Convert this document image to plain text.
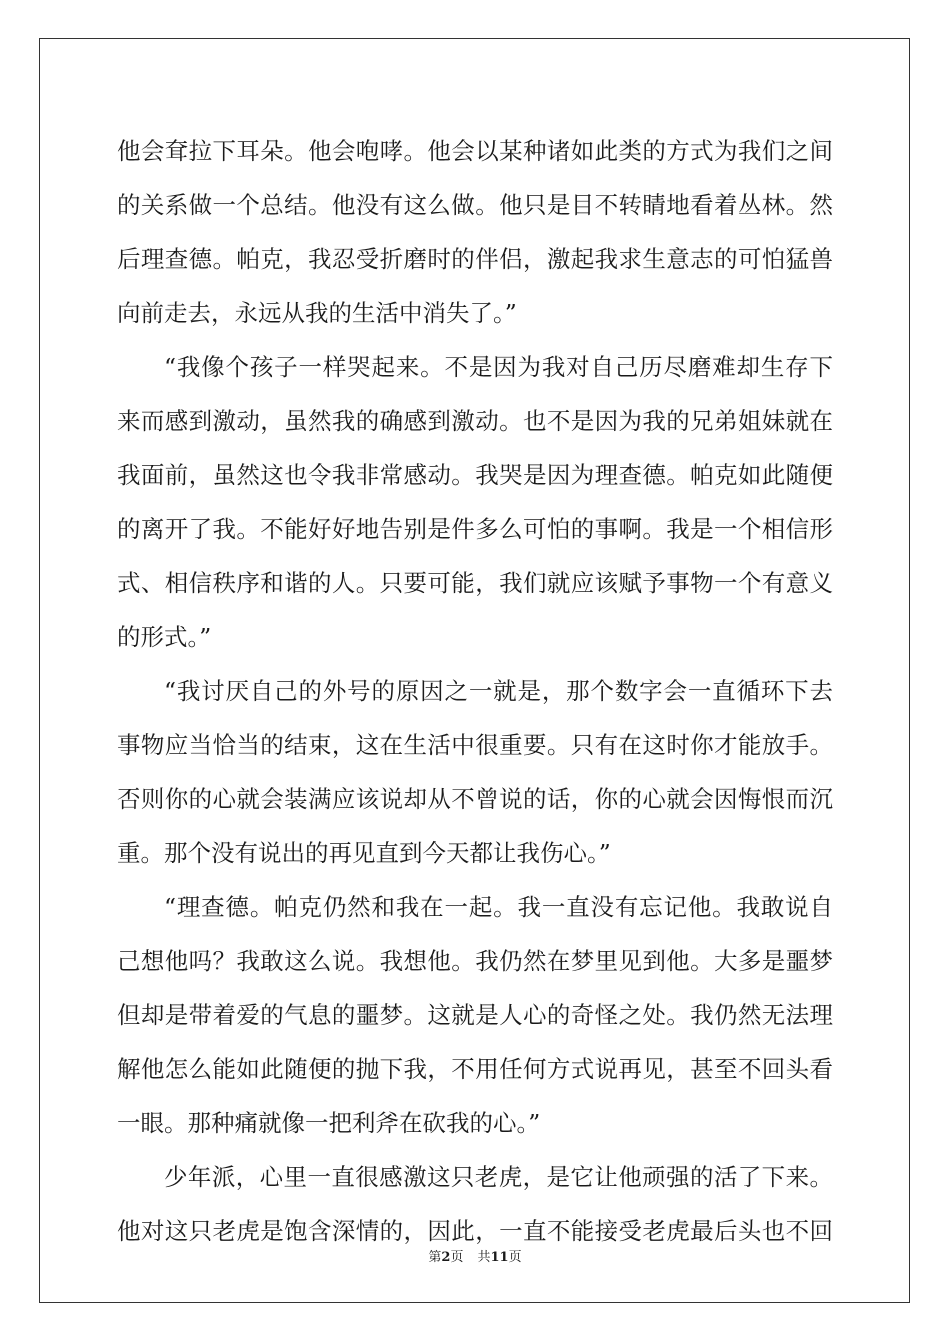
他会耷拉下耳朵。他会咆哮。他会以某种诸如此类的方式为我们之间
的关系做一个总结。他没有这么做。他只是目不转睛地看着丛林。然
后理查德。帕克，我忍受折磨时的伴侣，激起我求生意志的可怕猛兽
向前走去，永远从我的生活中消失了。”
“我像个孩子一样哭起来。不是因为我对自己历尽磨难却生存下
来而感到激动，虽然我的确感到激动。也不是因为我的兄弟姐妹就在
我面前，虽然这也令我非常感动。我哭是因为理查德。帕克如此随便
的离开了我。不能好好地告别是件多么可怕的事啊。我是一个相信形
式、相信秩序和谐的人。只要可能，我们就应该赋予事物一个有意义
的形式。”
“我讨厌自己的外号的原因之一就是，那个数字会一直循环下去
事物应当恰当的结束，这在生活中很重要。只有在这时你才能放手。
否则你的心就会装满应该说却从不曾说的话，你的心就会因悔恨而沉
重。那个没有说出的再见直到今天都让我伤心。”
“理查德。帕克仍然和我在一起。我一直没有忘记他。我敢说自
己想他吗？我敢这么说。我想他。我仍然在梦里见到他。大多是噩梦
但却是带着爱的气息的噩梦。这就是人心的奇怪之处。我仍然无法理
解他怎么能如此随便的抛下我，不用任何方式说再见，甚至不回头看
一眼。那种痛就像一把利斧在砍我的心。”
少年派，心里一直很感激这只老虎，是它让他顽强的活了下来。
他对这只老虎是饱含深情的，因此，一直不能接受老虎最后头也不回
第2页 共11页
